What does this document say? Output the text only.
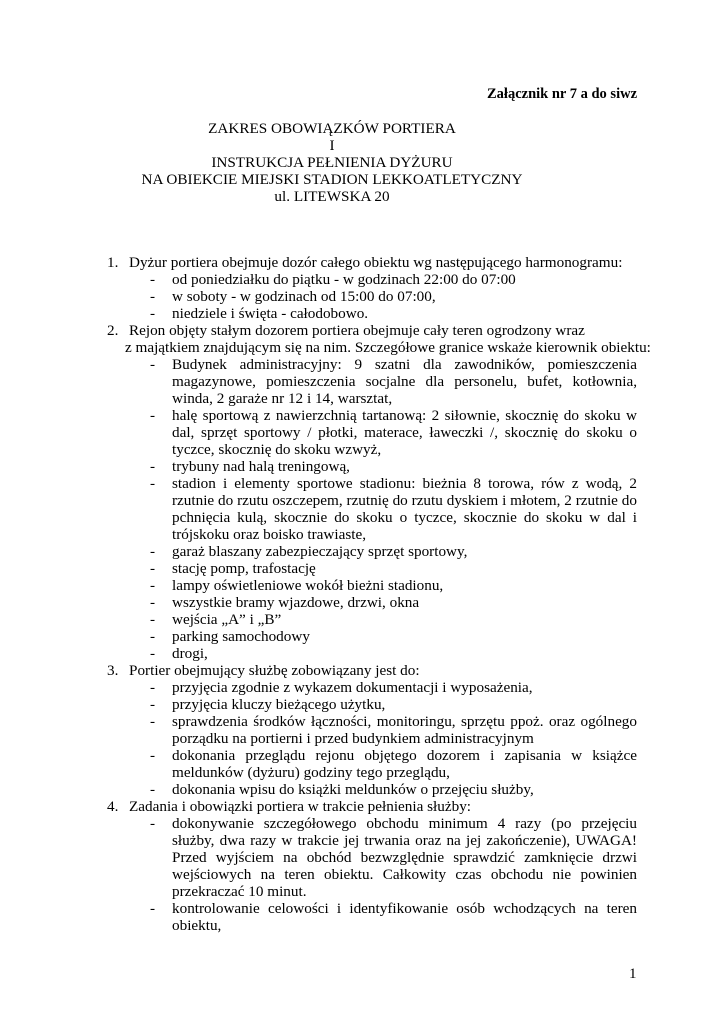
Załącznik nr 7 a do siwz
ZAKRES OBOWIĄZKÓW PORTIERA
I
INSTRUKCJA PEŁNIENIA DYŻURU
NA OBIEKCIE MIEJSKI STADION LEKKOATLETYCZNY
ul. LITEWSKA 20
1. Dyżur portiera obejmuje dozór całego obiektu wg następującego harmonogramu:
- od poniedziałku do piątku - w godzinach 22:00 do 07:00
- w soboty - w godzinach od 15:00 do 07:00,
- niedziele i święta - całodobowo.
2. Rejon objęty stałym dozorem portiera obejmuje cały teren ogrodzony wraz
z majątkiem znajdującym się na nim. Szczegółowe granice wskaże kierownik obiektu:
- Budynek administracyjny: 9 szatni dla zawodników, pomieszczenia magazynowe, pomieszczenia socjalne dla personelu, bufet, kotłownia, winda, 2 garaże nr 12 i 14, warsztat,
- halę sportową z nawierzchnią tartanową: 2 siłownie, skocznię do skoku w dal, sprzęt sportowy / płotki, materace, ławeczki /, skocznię do skoku o tyczce, skocznię do skoku wzwyż,
- trybuny nad halą treningową,
- stadion i elementy sportowe stadionu: bieżnia 8 torowa, rów z wodą, 2 rzutnie do rzutu oszczepem, rzutnię do rzutu dyskiem i młotem, 2 rzutnie do pchnięcia kulą, skocznie do skoku o tyczce, skocznie do skoku w dal i trójskoku oraz boisko trawiaste,
- garaż blaszany zabezpieczający sprzęt sportowy,
- stację pomp, trafostację
- lampy oświetleniowe wokół bieżni stadionu,
- wszystkie bramy wjazdowe, drzwi, okna
- wejścia „A” i „B”
- parking samochodowy
- drogi,
3. Portier obejmujący służbę zobowiązany jest do:
- przyjęcia zgodnie z wykazem dokumentacji i wyposażenia,
- przyjęcia kluczy bieżącego użytku,
- sprawdzenia środków łączności, monitoringu, sprzętu ppoż. oraz ogólnego porządku na portierni i przed budynkiem administracyjnym
- dokonania przeglądu rejonu objętego dozorem i zapisania w książce meldunków (dyżuru) godziny tego przeglądu,
- dokonania wpisu do książki meldunków o przejęciu służby,
4. Zadania i obowiązki portiera w trakcie pełnienia służby:
- dokonywanie szczegółowego obchodu minimum 4 razy (po przejęciu służby, dwa razy w trakcie jej trwania oraz na jej zakończenie), UWAGA! Przed wyjściem na obchód bezwzględnie sprawdzić zamknięcie drzwi wejściowych na teren obiektu. Całkowity czas obchodu nie powinien przekraczać 10 minut.
- kontrolowanie celowości i identyfikowanie osób wchodzących na teren obiektu,
1
